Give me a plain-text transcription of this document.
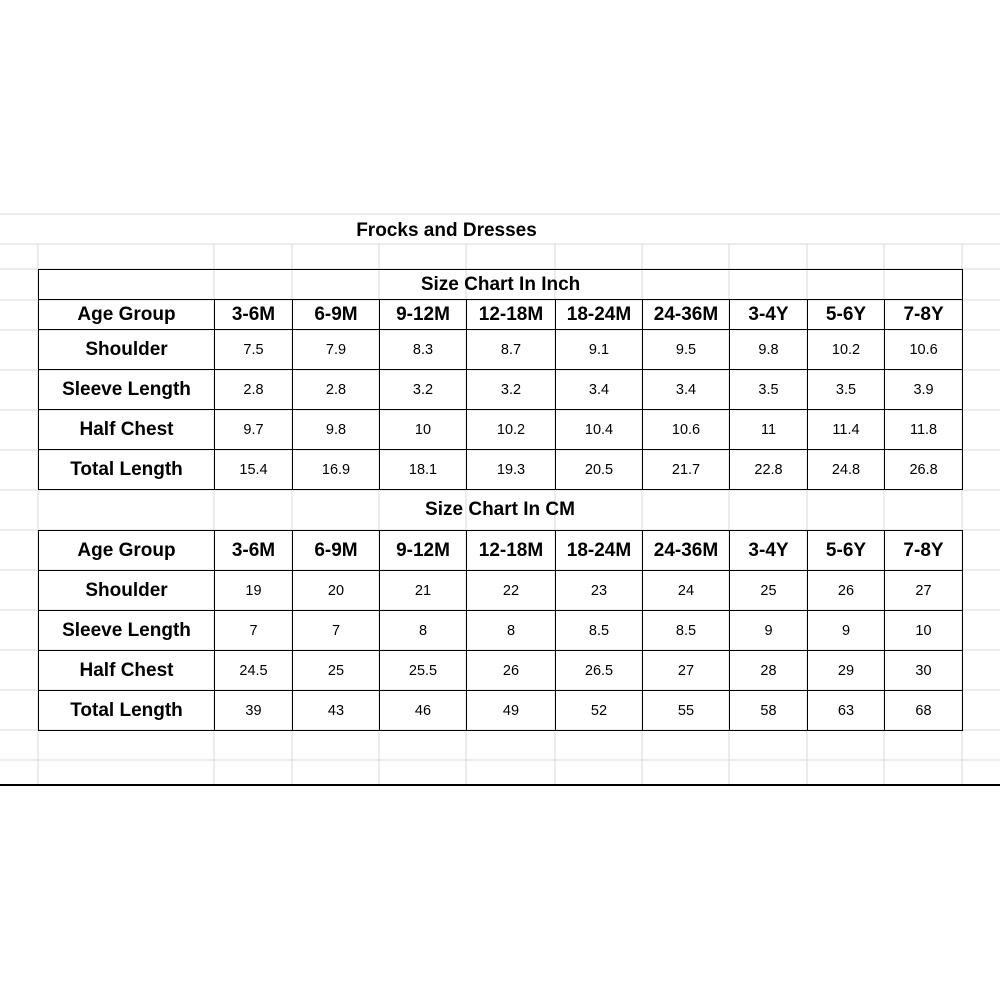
Frocks and Dresses
Size Chart In Inch									
Age Group	3-6M	6-9M	9-12M	12-18M	18-24M	24-36M	3-4Y	5-6Y	7-8Y
Shoulder	7.5	7.9	8.3	8.7	9.1	9.5	9.8	10.2	10.6
Sleeve Length	2.8	2.8	3.2	3.2	3.4	3.4	3.5	3.5	3.9
Half Chest	9.7	9.8	10	10.2	10.4	10.6	11	11.4	11.8
Total Length	15.4	16.9	18.1	19.3	20.5	21.7	22.8	24.8	26.8
Size Chart In CM
Age Group	3-6M	6-9M	9-12M	12-18M	18-24M	24-36M	3-4Y	5-6Y	7-8Y
Shoulder	19	20	21	22	23	24	25	26	27
Sleeve Length	7	7	8	8	8.5	8.5	9	9	10
Half Chest	24.5	25	25.5	26	26.5	27	28	29	30
Total Length	39	43	46	49	52	55	58	63	68
